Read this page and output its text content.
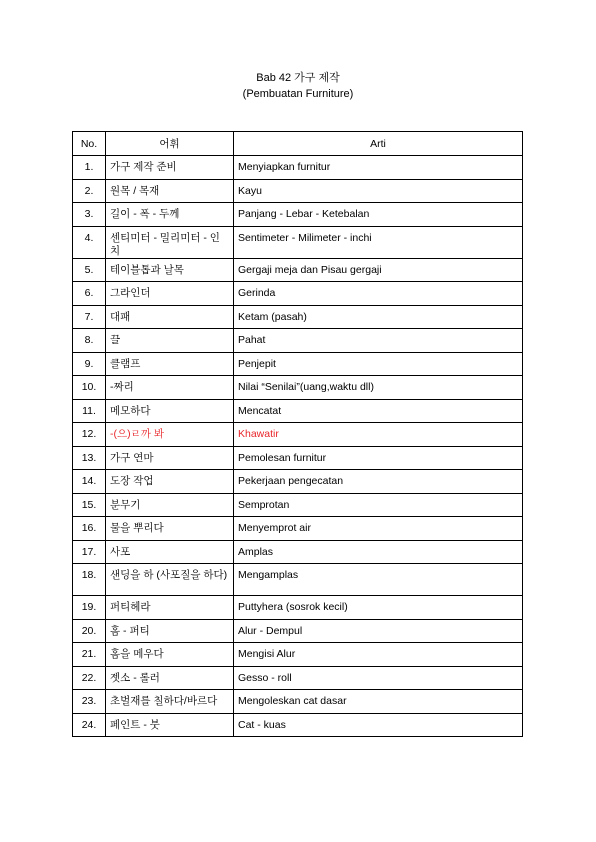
Bab 42 가구 제작
(Pembuatan Furniture)
No.	어휘	Arti
1.	가구 제작 준비	Menyiapkan furnitur
2.	원목 / 목재	Kayu
3.	길이 - 폭 - 두께	Panjang - Lebar - Ketebalan
4.	센티미터 - 밀리미터 - 인치	Sentimeter - Milimeter - inchi
5.	테이블톱과 날목	Gergaji meja dan Pisau gergaji
6.	그라인더	Gerinda
7.	대패	Ketam (pasah)
8.	끌	Pahat
9.	클램프	Penjepit
10.	-짜리	Nilai “Senilai”(uang,waktu dll)
11.	메모하다	Mencatat
12.	-(으)ㄹ까 봐	Khawatir
13.	가구 연마	Pemolesan furnitur
14.	도장 작업	Pekerjaan pengecatan
15.	분무기	Semprotan
16.	물을 뿌리다	Menyemprot air
17.	사포	Amplas
18.	샌딩을 하 (사포질을 하다)	Mengamplas
19.	퍼티헤라	Puttyhera (sosrok kecil)
20.	홈 - 퍼티	Alur - Dempul
21.	홈을 메우다	Mengisi Alur
22.	젯소 - 롤러	Gesso - roll
23.	초벌재를 칠하다/바르다	Mengoleskan cat dasar
24.	페인트 - 붓	Cat - kuas
